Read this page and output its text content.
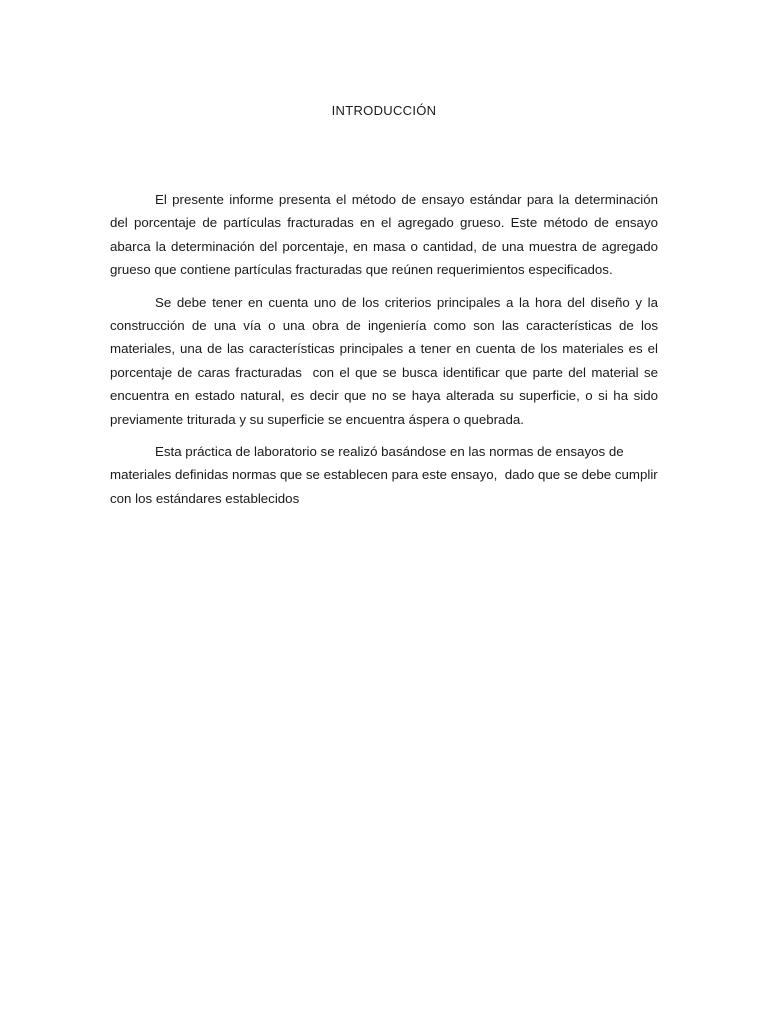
INTRODUCCIÓN

El presente informe presenta el método de ensayo estándar para la determinación del porcentaje de partículas fracturadas en el agregado grueso. Este método de ensayo abarca la determinación del porcentaje, en masa o cantidad, de una muestra de agregado grueso que contiene partículas fracturadas que reúnen requerimientos especificados.

Se debe tener en cuenta uno de los criterios principales a la hora del diseño y la construcción de una vía o una obra de ingeniería como son las características de los materiales, una de las características principales a tener en cuenta de los materiales es el porcentaje de caras fracturadas  con el que se busca identificar que parte del material se encuentra en estado natural, es decir que no se haya alterada su superficie, o si ha sido previamente triturada y su superficie se encuentra áspera o quebrada.

Esta práctica de laboratorio se realizó basándose en las normas de ensayos de materiales definidas normas que se establecen para este ensayo,  dado que se debe cumplir con los estándares establecidos
